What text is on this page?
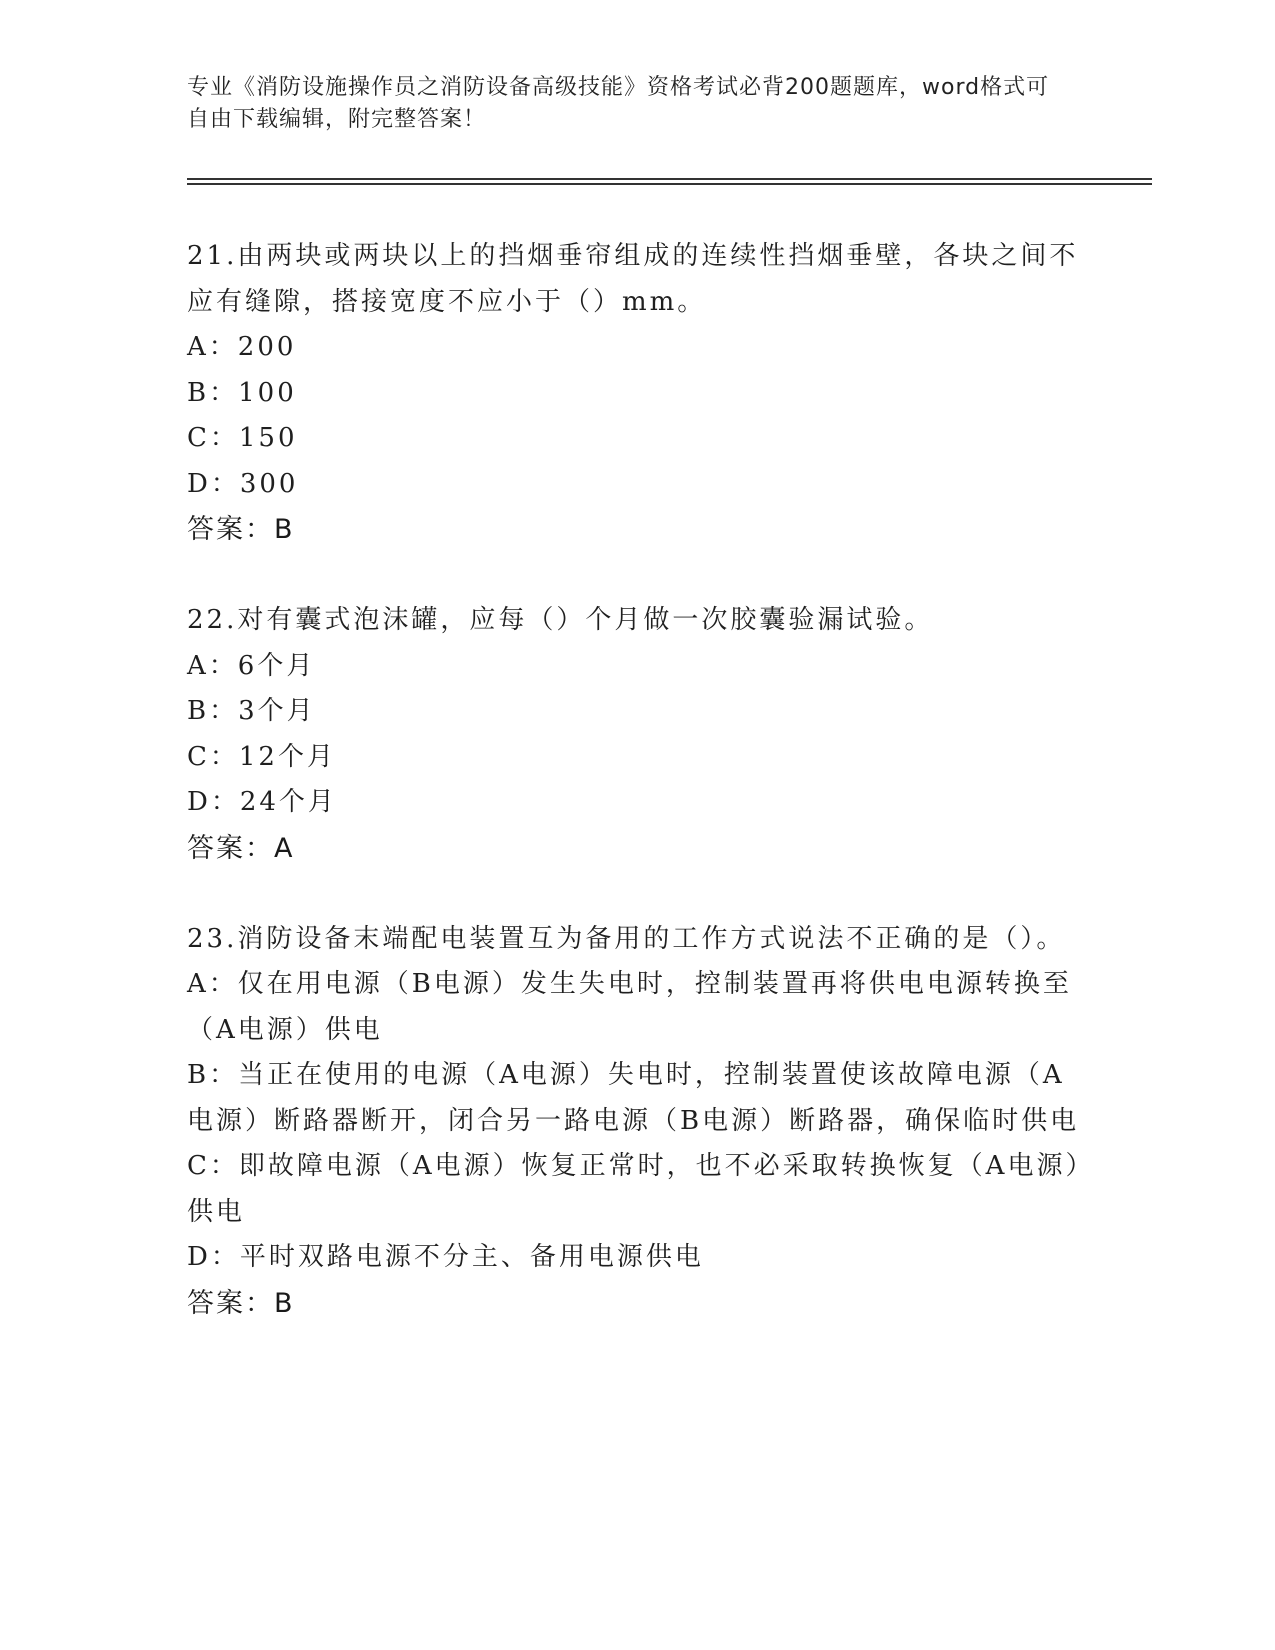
专业《消防设施操作员之消防设备高级技能》资格考试必背200题题库，word格式可自由下载编辑，附完整答案！
21.由两块或两块以上的挡烟垂帘组成的连续性挡烟垂壁，各块之间不应有缝隙，搭接宽度不应小于（）mm。
A：200
B：100
C：150
D：300
答案：B
22.对有囊式泡沫罐，应每（）个月做一次胶囊验漏试验。
A：6个月
B：3个月
C：12个月
D：24个月
答案：A
23.消防设备末端配电装置互为备用的工作方式说法不正确的是（）。
A：仅在用电源（B电源）发生失电时，控制装置再将供电电源转换至（A电源）供电
B：当正在使用的电源（A电源）失电时，控制装置使该故障电源（A电源）断路器断开，闭合另一路电源（B电源）断路器，确保临时供电
C：即故障电源（A电源）恢复正常时，也不必采取转换恢复（A电源）供电
D：平时双路电源不分主、备用电源供电
答案：B
